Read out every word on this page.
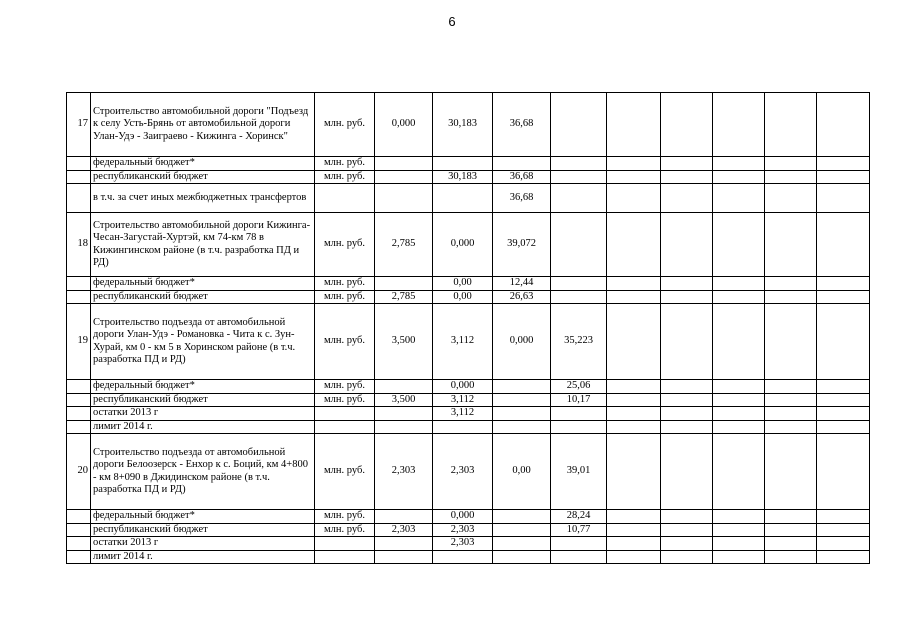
6
17	Строительство автомобильной дороги "Подъезд к селу Усть-Брянь от автомобильной дороги Улан-Удэ - Заиграево - Кижинга - Хоринск"	млн. руб.	0,000	30,183	36,68						
	федеральный бюджет*	млн. руб.									
	республиканский бюджет	млн. руб.		30,183	36,68						
	в т.ч. за счет иных межбюджетных трансфертов				36,68						
18	Строительство автомобильной дороги Кижинга-Чесан-Загустай-Хуртэй, км 74-км 78 в Кижингинском районе (в т.ч. разработка ПД и РД)	млн. руб.	2,785	0,000	39,072						
	федеральный бюджет*	млн. руб.		0,00	12,44						
	республиканский бюджет	млн. руб.	2,785	0,00	26,63						
19	Строительство подъезда от автомобильной дороги Улан-Удэ - Романовка - Чита к с. Зун-Хурай, км 0 - км 5 в Хоринском районе (в т.ч. разработка ПД и РД)	млн. руб.	3,500	3,112	0,000	35,223					
	федеральный бюджет*	млн. руб.		0,000		25,06					
	республиканский бюджет	млн. руб.	3,500	3,112		10,17					
	остатки 2013 г			3,112							
	лимит 2014 г.										
20	Строительство подъезда от автомобильной дороги Белоозерск - Енхор к с. Боций, км 4+800 - км 8+090 в Джидинском районе (в т.ч. разработка ПД и РД)	млн. руб.	2,303	2,303	0,00	39,01					
	федеральный бюджет*	млн. руб.		0,000		28,24					
	республиканский бюджет	млн. руб.	2,303	2,303		10,77					
	остатки 2013 г			2,303							
	лимит 2014 г.										
